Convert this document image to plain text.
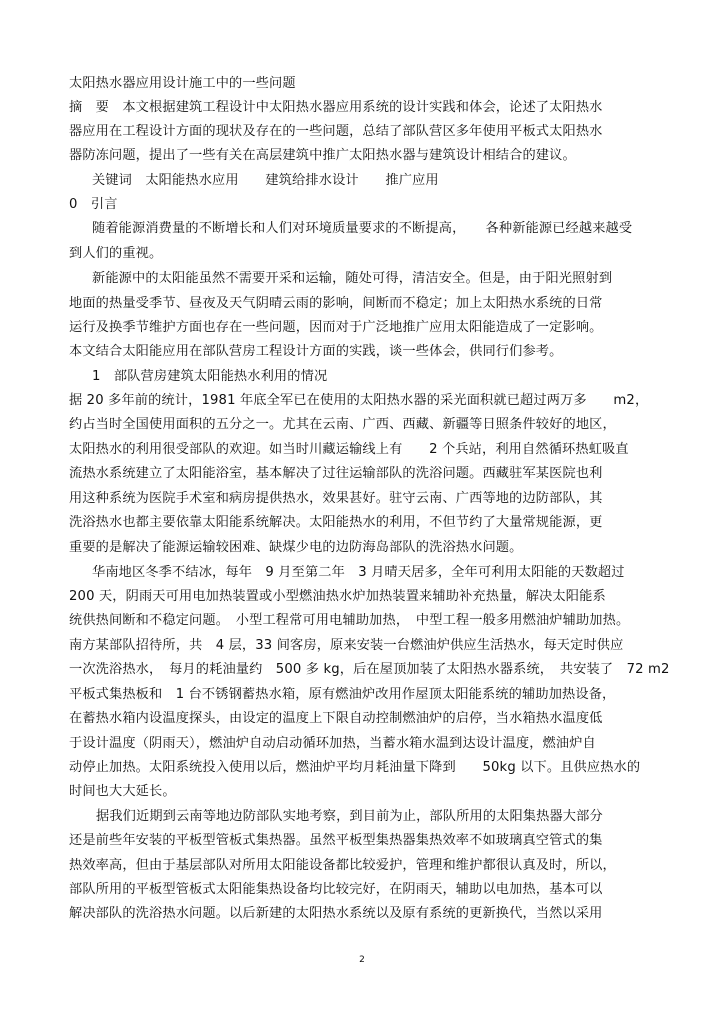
太阳热水器应用设计施工中的一些问题
摘　要　本文根据建筑工程设计中太阳热水器应用系统的设计实践和体会，论述了太阳热水
器应用在工程设计方面的现状及存在的一些问题，总结了部队营区多年使用平板式太阳热水
器防冻问题，提出了一些有关在高层建筑中推广太阳热水器与建筑设计相结合的建议。
关键词　太阳能热水应用　　建筑给排水设计　　推广应用
0　引言
随着能源消费量的不断增长和人们对环境质量要求的不断提高，　　各种新能源已经越来越受
到人们的重视。
新能源中的太阳能虽然不需要开采和运输，随处可得，清洁安全。但是，由于阳光照射到
地面的热量受季节、昼夜及天气阴晴云雨的影响，间断而不稳定；加上太阳热水系统的日常
运行及换季节维护方面也存在一些问题，因而对于广泛地推广应用太阳能造成了一定影响。
本文结合太阳能应用在部队营房工程设计方面的实践，谈一些体会，供同行们参考。
1　部队营房建筑太阳能热水利用的情况
据 20 多年前的统计，1981 年底全军已在使用的太阳热水器的采光面积就已超过两万多　　m2，
约占当时全国使用面积的五分之一。尤其在云南、广西、西藏、新疆等日照条件较好的地区，
太阳热水的利用很受部队的欢迎。如当时川藏运输线上有　　2 个兵站，利用自然循环热虹吸直
流热水系统建立了太阳能浴室，基本解决了过往运输部队的洗浴问题。西藏驻军某医院也利
用这种系统为医院手术室和病房提供热水，效果甚好。驻守云南、广西等地的边防部队，其
洗浴热水也都主要依靠太阳能系统解决。太阳能热水的利用，不但节约了大量常规能源，更
重要的是解决了能源运输较困难、缺煤少电的边防海岛部队的洗浴热水问题。
华南地区冬季不结冰，每年　9 月至第二年　3 月晴天居多，全年可利用太阳能的天数超过
200 天，阴雨天可用电加热装置或小型燃油热水炉加热装置来辅助补充热量，解决太阳能系
统供热间断和不稳定问题。　小型工程常可用电辅助加热，　中型工程一般多用燃油炉辅助加热。
南方某部队招待所，共　4 层，33 间客房，原来安装一台燃油炉供应生活热水，每天定时供应
一次洗浴热水，　每月的耗油量约　500 多 kg，后在屋顶加装了太阳热水器系统，　共安装了　72 m2
平板式集热板和　1 台不锈钢蓄热水箱，原有燃油炉改用作屋顶太阳能系统的辅助加热设备，
在蓄热水箱内设温度探头，由设定的温度上下限自动控制燃油炉的启停，当水箱热水温度低
于设计温度（阴雨天），燃油炉自动启动循环加热，当蓄水箱水温到达设计温度，燃油炉自
动停止加热。太阳系统投入使用以后，燃油炉平均月耗油量下降到　　50kg 以下。且供应热水的
时间也大大延长。
据我们近期到云南等地边防部队实地考察，到目前为止，部队所用的太阳集热器大部分
还是前些年安装的平板型管板式集热器。虽然平板型集热器集热效率不如玻璃真空管式的集
热效率高，但由于基层部队对所用太阳能设备都比较爱护，管理和维护都很认真及时，所以，
部队所用的平板型管板式太阳能集热设备均比较完好，在阴雨天，辅助以电加热，基本可以
解决部队的洗浴热水问题。以后新建的太阳热水系统以及原有系统的更新换代，当然以采用
2
